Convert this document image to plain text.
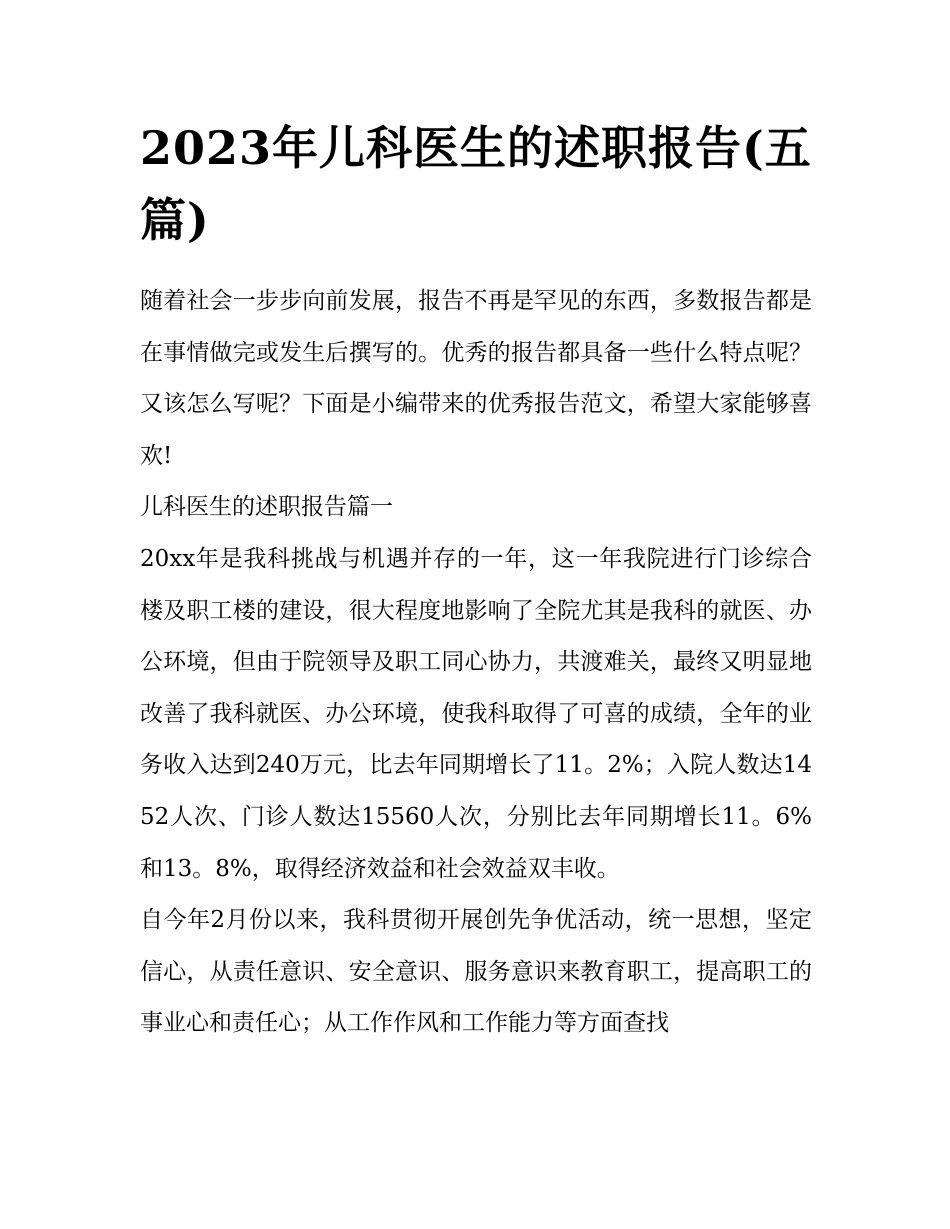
2023年儿科医生的述职报告(五篇)

随着社会一步步向前发展，报告不再是罕见的东西，多数报告都是在事情做完或发生后撰写的。优秀的报告都具备一些什么特点呢？又该怎么写呢？下面是小编带来的优秀报告范文，希望大家能够喜欢!

儿科医生的述职报告篇一

20xx年是我科挑战与机遇并存的一年，这一年我院进行门诊综合楼及职工楼的建设，很大程度地影响了全院尤其是我科的就医、办公环境，但由于院领导及职工同心协力，共渡难关，最终又明显地改善了我科就医、办公环境，使我科取得了可喜的成绩，全年的业务收入达到240万元，比去年同期增长了11。2%；入院人数达1452人次、门诊人数达15560人次，分别比去年同期增长11。6%和13。8%，取得经济效益和社会效益双丰收。

自今年2月份以来，我科贯彻开展创先争优活动，统一思想，坚定信心，从责任意识、安全意识、服务意识来教育职工，提高职工的事业心和责任心；从工作作风和工作能力等方面查找
